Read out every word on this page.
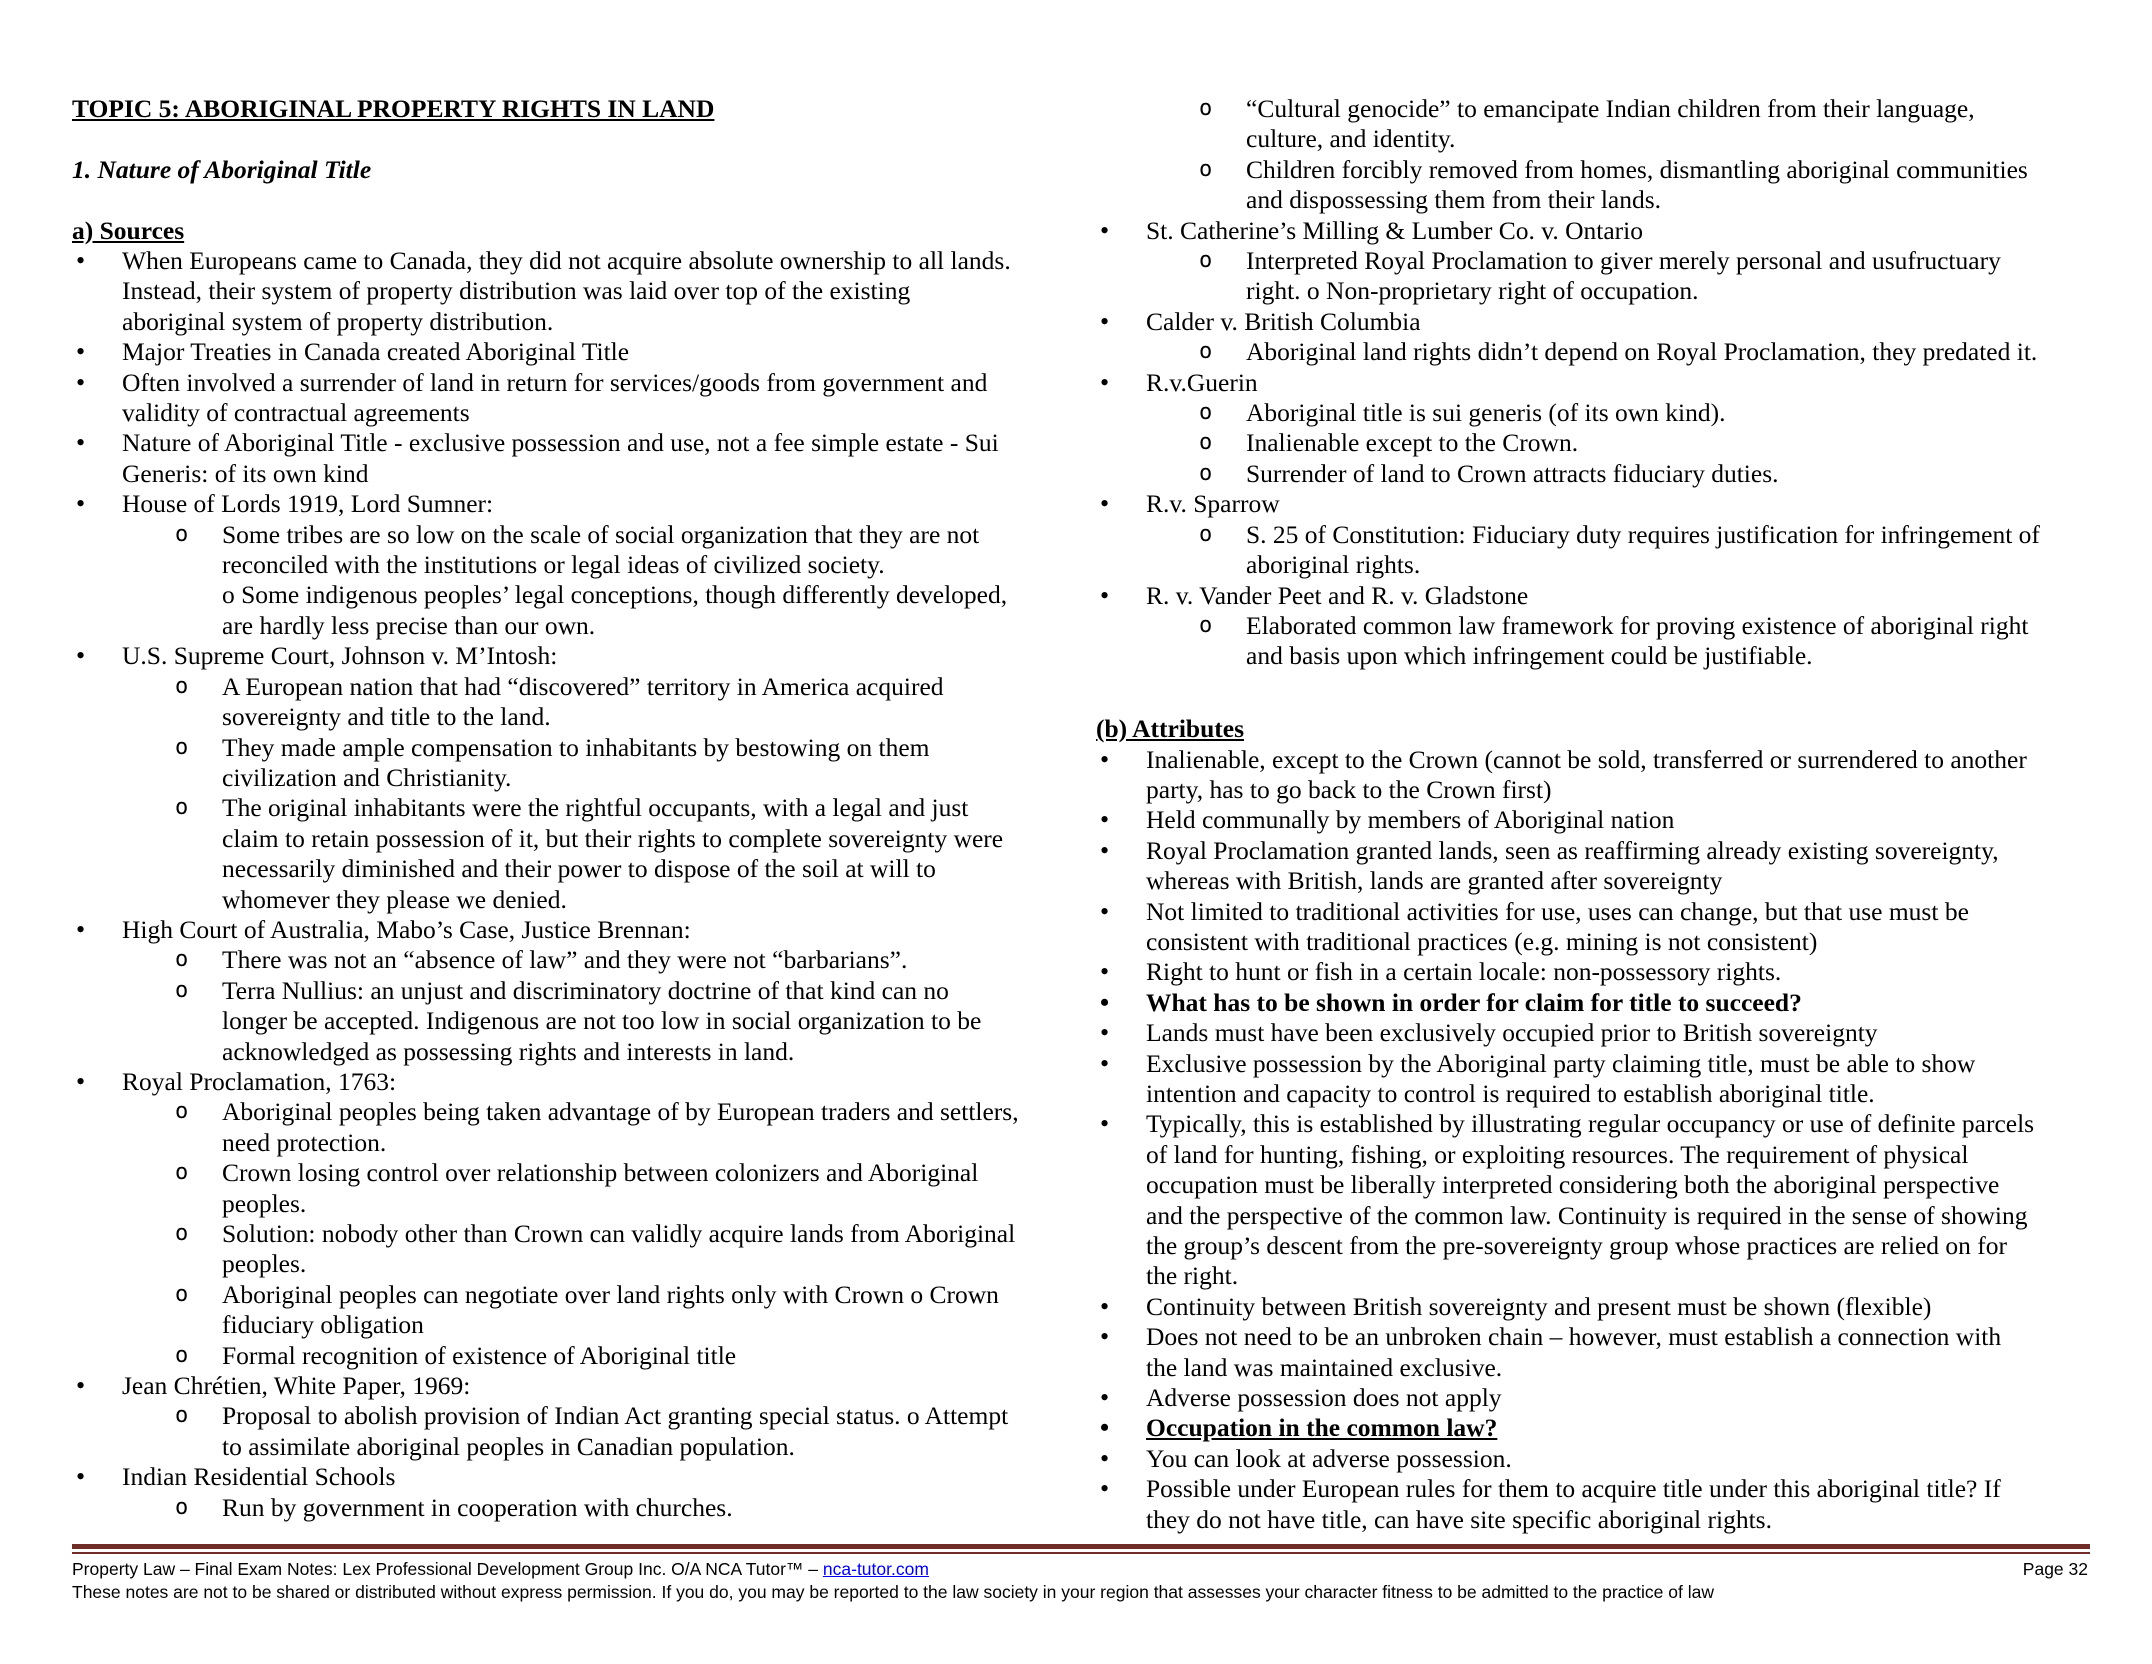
TOPIC 5: ABORIGINAL PROPERTY RIGHTS IN LAND
1. Nature of Aboriginal Title
a) Sources
• When Europeans came to Canada, they did not acquire absolute ownership to all lands.
Instead, their system of property distribution was laid over top of the existing
aboriginal system of property distribution.
• Major Treaties in Canada created Aboriginal Title
• Often involved a surrender of land in return for services/goods from government and
validity of contractual agreements
• Nature of Aboriginal Title - exclusive possession and use, not a fee simple estate - Sui
Generis: of its own kind
• House of Lords 1919, Lord Sumner:
o Some tribes are so low on the scale of social organization that they are not
reconciled with the institutions or legal ideas of civilized society.
o Some indigenous peoples’ legal conceptions, though differently developed,
are hardly less precise than our own.
• U.S. Supreme Court, Johnson v. M’Intosh:
o A European nation that had “discovered” territory in America acquired
sovereignty and title to the land.
o They made ample compensation to inhabitants by bestowing on them
civilization and Christianity.
o The original inhabitants were the rightful occupants, with a legal and just
claim to retain possession of it, but their rights to complete sovereignty were
necessarily diminished and their power to dispose of the soil at will to
whomever they please we denied.
• High Court of Australia, Mabo’s Case, Justice Brennan:
o There was not an “absence of law” and they were not “barbarians”.
o Terra Nullius: an unjust and discriminatory doctrine of that kind can no
longer be accepted. Indigenous are not too low in social organization to be
acknowledged as possessing rights and interests in land.
• Royal Proclamation, 1763:
o Aboriginal peoples being taken advantage of by European traders and settlers,
need protection.
o Crown losing control over relationship between colonizers and Aboriginal
peoples.
o Solution: nobody other than Crown can validly acquire lands from Aboriginal
peoples.
o Aboriginal peoples can negotiate over land rights only with Crown o Crown
fiduciary obligation
o Formal recognition of existence of Aboriginal title
• Jean Chrétien, White Paper, 1969:
o Proposal to abolish provision of Indian Act granting special status. o Attempt
to assimilate aboriginal peoples in Canadian population.
• Indian Residential Schools
o Run by government in cooperation with churches.
o “Cultural genocide” to emancipate Indian children from their language,
culture, and identity.
o Children forcibly removed from homes, dismantling aboriginal communities
and dispossessing them from their lands.
• St. Catherine’s Milling & Lumber Co. v. Ontario
o Interpreted Royal Proclamation to giver merely personal and usufructuary
right. o Non-proprietary right of occupation.
• Calder v. British Columbia
o Aboriginal land rights didn’t depend on Royal Proclamation, they predated it.
• R.v.Guerin
o Aboriginal title is sui generis (of its own kind).
o Inalienable except to the Crown.
o Surrender of land to Crown attracts fiduciary duties.
• R.v. Sparrow
o S. 25 of Constitution: Fiduciary duty requires justification for infringement of
aboriginal rights.
• R. v. Vander Peet and R. v. Gladstone
o Elaborated common law framework for proving existence of aboriginal right
and basis upon which infringement could be justifiable.
(b) Attributes
• Inalienable, except to the Crown (cannot be sold, transferred or surrendered to another
party, has to go back to the Crown first)
• Held communally by members of Aboriginal nation
• Royal Proclamation granted lands, seen as reaffirming already existing sovereignty,
whereas with British, lands are granted after sovereignty
• Not limited to traditional activities for use, uses can change, but that use must be
consistent with traditional practices (e.g. mining is not consistent)
• Right to hunt or fish in a certain locale: non-possessory rights.
• What has to be shown in order for claim for title to succeed?
• Lands must have been exclusively occupied prior to British sovereignty
• Exclusive possession by the Aboriginal party claiming title, must be able to show
intention and capacity to control is required to establish aboriginal title.
• Typically, this is established by illustrating regular occupancy or use of definite parcels
of land for hunting, fishing, or exploiting resources. The requirement of physical
occupation must be liberally interpreted considering both the aboriginal perspective
and the perspective of the common law. Continuity is required in the sense of showing
the group’s descent from the pre-sovereignty group whose practices are relied on for
the right.
• Continuity between British sovereignty and present must be shown (flexible)
• Does not need to be an unbroken chain – however, must establish a connection with
the land was maintained exclusive.
• Adverse possession does not apply
• Occupation in the common law?
• You can look at adverse possession.
• Possible under European rules for them to acquire title under this aboriginal title? If
they do not have title, can have site specific aboriginal rights.
Property Law – Final Exam Notes: Lex Professional Development Group Inc. O/A NCA Tutor™ – nca-tutor.com
These notes are not to be shared or distributed without express permission. If you do, you may be reported to the law society in your region that assesses your character fitness to be admitted to the practice of law
Page 32
